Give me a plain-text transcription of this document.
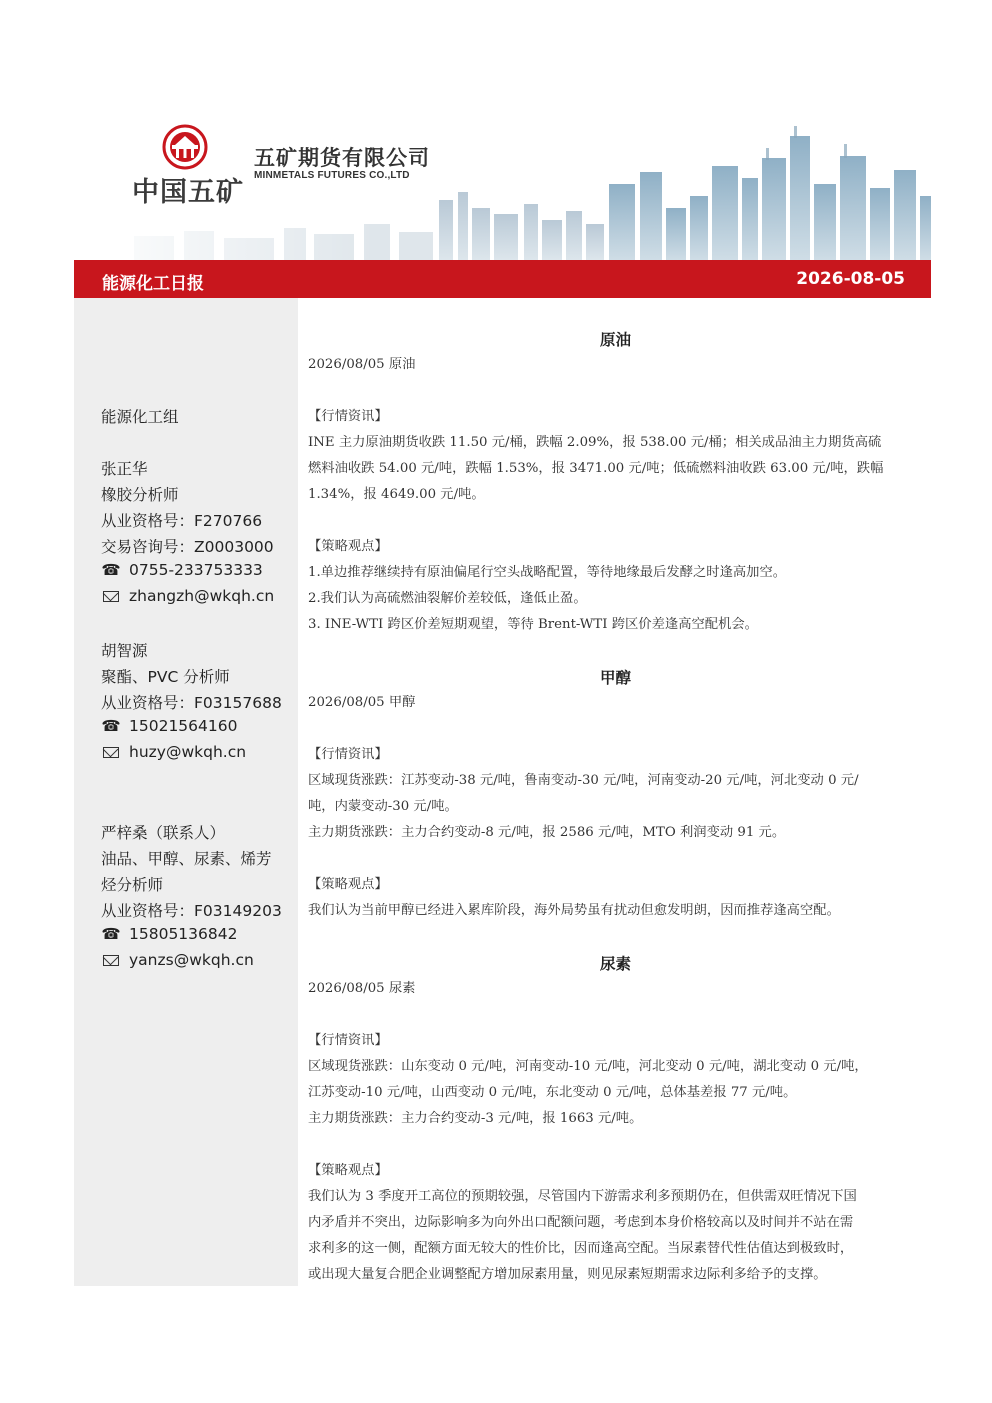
中国五矿
五矿期货有限公司
MINMETALS FUTURES CO.,LTD
能源化工日报	2026-08-05
能源化工组
张正华
橡胶分析师
从业资格号：F270766
交易咨询号：Z0003000
☎ 0755-233753333
zhangzh@wkqh.cn
胡智源
聚酯、PVC 分析师
从业资格号：F03157688
☎ 15021564160
huzy@wkqh.cn
严梓桑（联系人）
油品、甲醇、尿素、烯芳
烃分析师
从业资格号：F03149203
☎ 15805136842
yanzs@wkqh.cn
原油

2026/08/05 原油

【行情资讯】

INE 主力原油期货收跌 11.50 元/桶，跌幅 2.09%，报 538.00 元/桶；相关成品油主力期货高硫

燃料油收跌 54.00 元/吨，跌幅 1.53%，报 3471.00 元/吨；低硫燃料油收跌 63.00 元/吨，跌幅

1.34%，报 4649.00 元/吨。

【策略观点】

1.单边推荐继续持有原油偏尾行空头战略配置，等待地缘最后发酵之时逢高加空。

2.我们认为高硫燃油裂解价差较低，逢低止盈。

3. INE-WTI 跨区价差短期观望，等待 Brent-WTI 跨区价差逢高空配机会。

甲醇

2026/08/05 甲醇

【行情资讯】

区域现货涨跌：江苏变动-38 元/吨，鲁南变动-30 元/吨，河南变动-20 元/吨，河北变动 0 元/

吨，内蒙变动-30 元/吨。

主力期货涨跌：主力合约变动-8 元/吨，报 2586 元/吨，MTO 利润变动 91 元。

【策略观点】

我们认为当前甲醇已经进入累库阶段，海外局势虽有扰动但愈发明朗，因而推荐逢高空配。

尿素

2026/08/05 尿素

【行情资讯】

区域现货涨跌：山东变动 0 元/吨，河南变动-10 元/吨，河北变动 0 元/吨，湖北变动 0 元/吨，

江苏变动-10 元/吨，山西变动 0 元/吨，东北变动 0 元/吨，总体基差报 77 元/吨。

主力期货涨跌：主力合约变动-3 元/吨，报 1663 元/吨。

【策略观点】

我们认为 3 季度开工高位的预期较强，尽管国内下游需求利多预期仍在，但供需双旺情况下国

内矛盾并不突出，边际影响多为向外出口配额问题，考虑到本身价格较高以及时间并不站在需

求利多的这一侧，配额方面无较大的性价比，因而逢高空配。当尿素替代性估值达到极致时，

或出现大量复合肥企业调整配方增加尿素用量，则见尿素短期需求边际利多给予的支撑。
